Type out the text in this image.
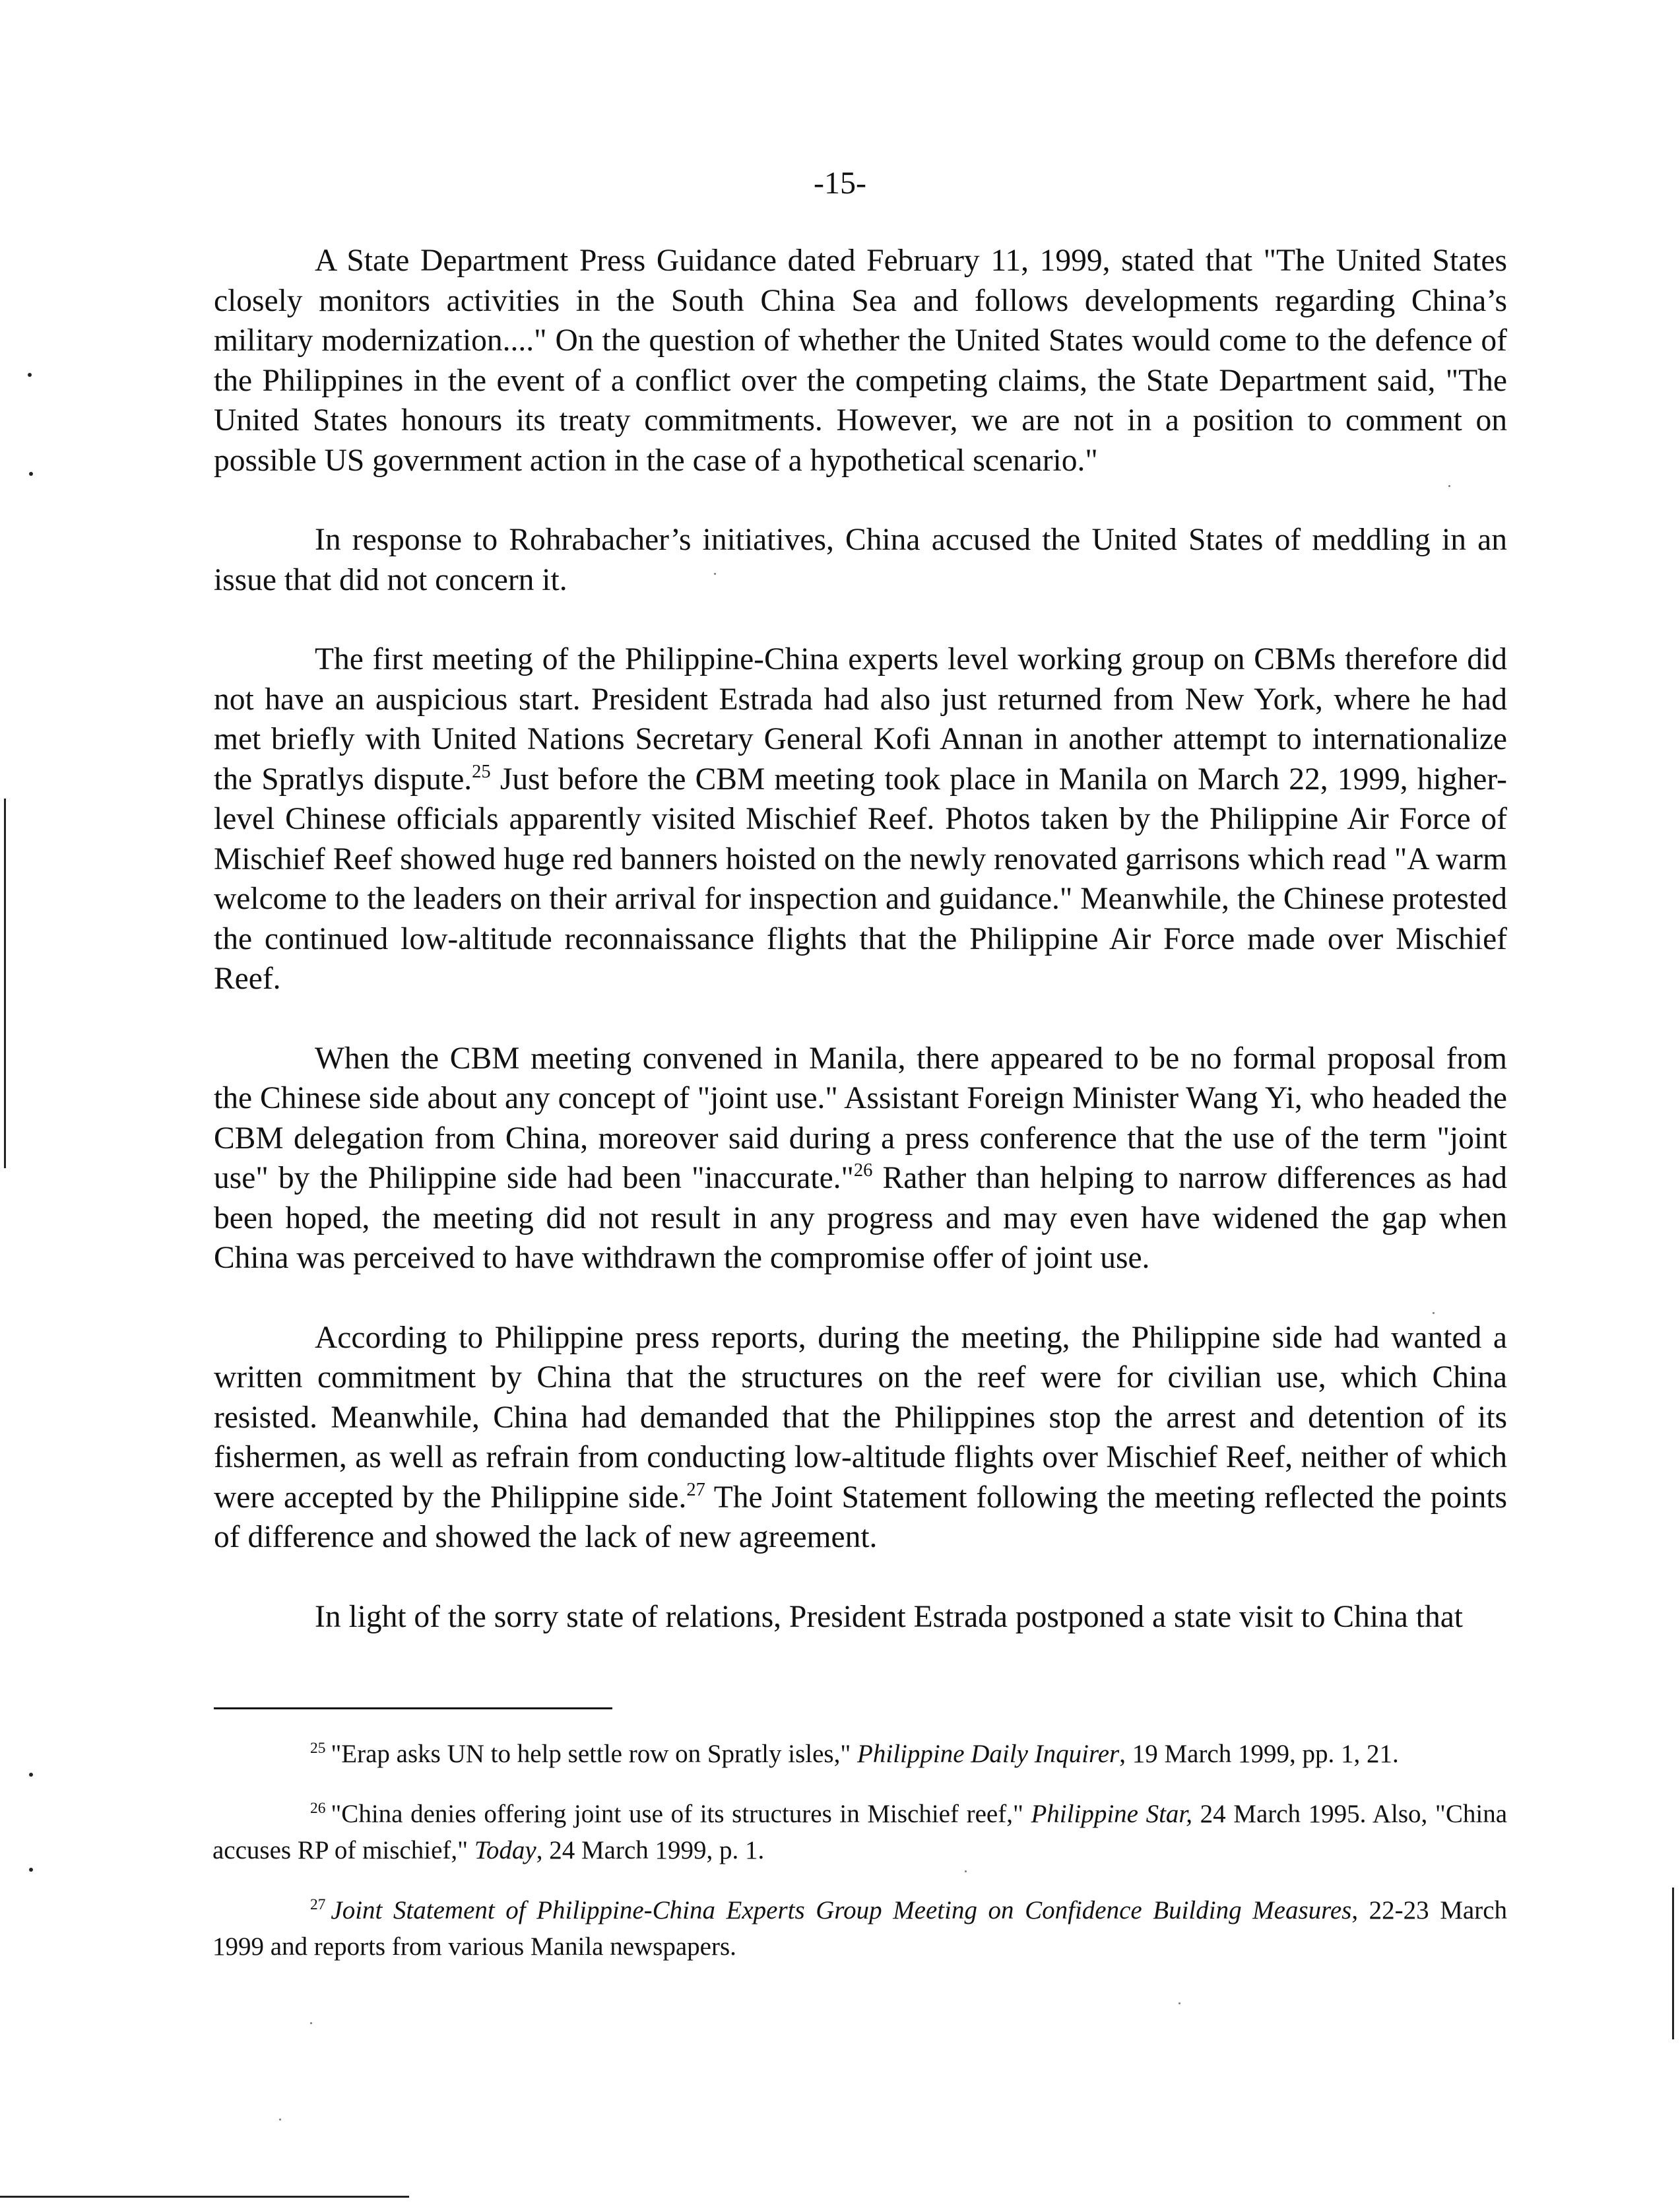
-15-

A State Department Press Guidance dated February 11, 1999, stated that "The United States closely monitors activities in the South China Sea and follows developments regarding China’s military modernization...." On the question of whether the United States would come to the defence of the Philippines in the event of a conflict over the competing claims, the State Department said, "The United States honours its treaty commitments. However, we are not in a position to comment on possible US government action in the case of a hypothetical scenario."

In response to Rohrabacher’s initiatives, China accused the United States of meddling in an issue that did not concern it.

The first meeting of the Philippine-China experts level working group on CBMs therefore did not have an auspicious start. President Estrada had also just returned from New York, where he had met briefly with United Nations Secretary General Kofi Annan in another attempt to internationalize the Spratlys dispute.$^{25}$ Just before the CBM meeting took place in Manila on March 22, 1999, higher-level Chinese officials apparently visited Mischief Reef. Photos taken by the Philippine Air Force of Mischief Reef showed huge red banners hoisted on the newly renovated garrisons which read "A warm welcome to the leaders on their arrival for inspection and guidance." Meanwhile, the Chinese protested the continued low-altitude reconnaissance flights that the Philippine Air Force made over Mischief Reef.

When the CBM meeting convened in Manila, there appeared to be no formal proposal from the Chinese side about any concept of "joint use." Assistant Foreign Minister Wang Yi, who headed the CBM delegation from China, moreover said during a press conference that the use of the term "joint use" by the Philippine side had been "inaccurate."$^{26}$ Rather than helping to narrow differences as had been hoped, the meeting did not result in any progress and may even have widened the gap when China was perceived to have withdrawn the compromise offer of joint use.

According to Philippine press reports, during the meeting, the Philippine side had wanted a written commitment by China that the structures on the reef were for civilian use, which China resisted. Meanwhile, China had demanded that the Philippines stop the arrest and detention of its fishermen, as well as refrain from conducting low-altitude flights over Mischief Reef, neither of which were accepted by the Philippine side.$^{27}$ The Joint Statement following the meeting reflected the points of difference and showed the lack of new agreement.

In light of the sorry state of relations, President Estrada postponed a state visit to China that

$^{25}$ "Erap asks UN to help settle row on Spratly isles," Philippine Daily Inquirer, 19 March 1999, pp. 1, 21.

$^{26}$ "China denies offering joint use of its structures in Mischief reef," Philippine Star, 24 March 1995. Also, "China accuses RP of mischief," Today, 24 March 1999, p. 1.

$^{27}$ Joint Statement of Philippine-China Experts Group Meeting on Confidence Building Measures, 22-23 March 1999 and reports from various Manila newspapers.
